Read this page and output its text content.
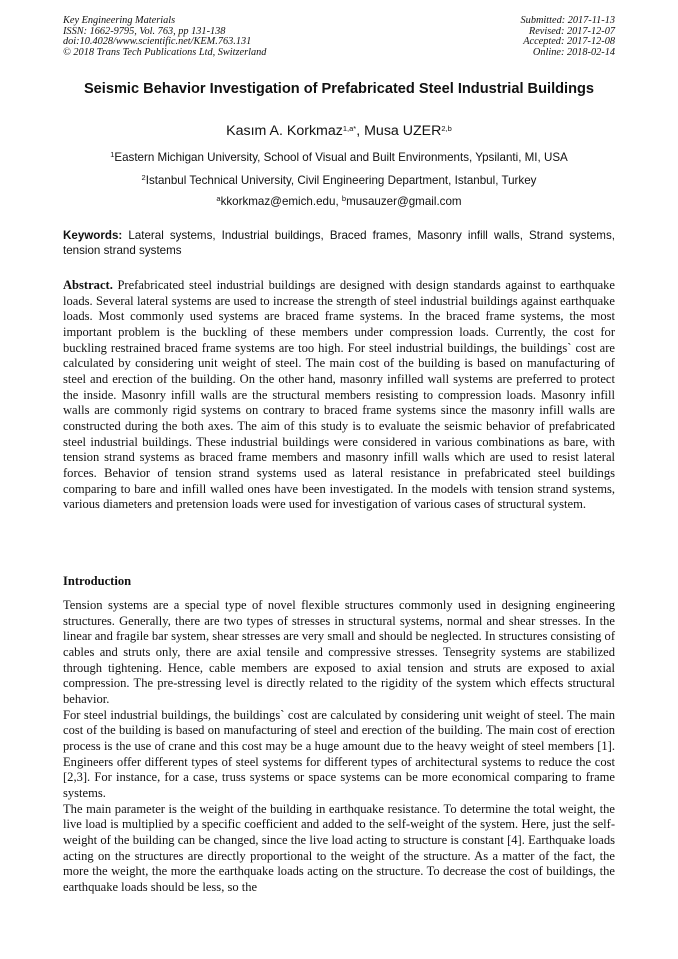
Key Engineering Materials
ISSN: 1662-9795, Vol. 763, pp 131-138
doi:10.4028/www.scientific.net/KEM.763.131
© 2018 Trans Tech Publications Ltd, Switzerland
Submitted: 2017-11-13
Revised: 2017-12-07
Accepted: 2017-12-08
Online: 2018-02-14
Seismic Behavior Investigation of Prefabricated Steel Industrial Buildings
Kasım A. Korkmaz$^{1,a*}$, Musa UZER$^{2,b}$
$^1$Eastern Michigan University, School of Visual and Built Environments, Ypsilanti, MI, USA
$^2$Istanbul Technical University, Civil Engineering Department, Istanbul, Turkey
$^a$kkorkmaz@emich.edu, $^b$musauzer@gmail.com
Keywords: Lateral systems, Industrial buildings, Braced frames, Masonry infill walls, Strand systems, tension strand systems
Abstract. Prefabricated steel industrial buildings are designed with design standards against to earthquake loads. Several lateral systems are used to increase the strength of steel industrial buildings against earthquake loads. Most commonly used systems are braced frame systems. In the braced frame systems, the most important problem is the buckling of these members under compression loads. Currently, the cost for buckling restrained braced frame systems are too high. For steel industrial buildings, the buildings` cost are calculated by considering unit weight of steel. The main cost of the building is based on manufacturing of steel and erection of the building. On the other hand, masonry infilled wall systems are preferred to protect the inside. Masonry infill walls are the structural members resisting to compression loads. Masonry infill walls are commonly rigid systems on contrary to braced frame systems since the masonry infill walls are constructed during the both axes. The aim of this study is to evaluate the seismic behavior of prefabricated steel industrial buildings. These industrial buildings were considered in various combinations as bare, with tension strand systems as braced frame members and masonry infill walls which are used to resist lateral forces. Behavior of tension strand systems used as lateral resistance in prefabricated steel buildings comparing to bare and infill walled ones have been investigated. In the models with tension strand systems, various diameters and pretension loads were used for investigation of various cases of structural system.
Introduction

Tension systems are a special type of novel flexible structures commonly used in designing engineering structures. Generally, there are two types of stresses in structural systems, normal and shear stresses. In the linear and fragile bar system, shear stresses are very small and should be neglected. In structures consisting of cables and struts only, there are axial tensile and compressive stresses. Tensegrity systems are stabilized through tightening. Hence, cable members are exposed to axial tension and struts are exposed to axial compression. The pre-stressing level is directly related to the rigidity of the system which effects structural behavior.

For steel industrial buildings, the buildings` cost are calculated by considering unit weight of steel. The main cost of the building is based on manufacturing of steel and erection of the building. The main cost of erection process is the use of crane and this cost may be a huge amount due to the heavy weight of steel members [1]. Engineers offer different types of steel systems for different types of architectural systems to reduce the cost [2,3]. For instance, for a case, truss systems or space systems can be more economical comparing to frame systems.

The main parameter is the weight of the building in earthquake resistance. To determine the total weight, the live load is multiplied by a specific coefficient and added to the self-weight of the system. Here, just the self-weight of the building can be changed, since the live load acting to structure is constant [4]. Earthquake loads acting on the structures are directly proportional to the weight of the structure. As a matter of the fact, the more the weight, the more the earthquake loads acting on the structure. To decrease the cost of buildings, the earthquake loads should be less, so the
